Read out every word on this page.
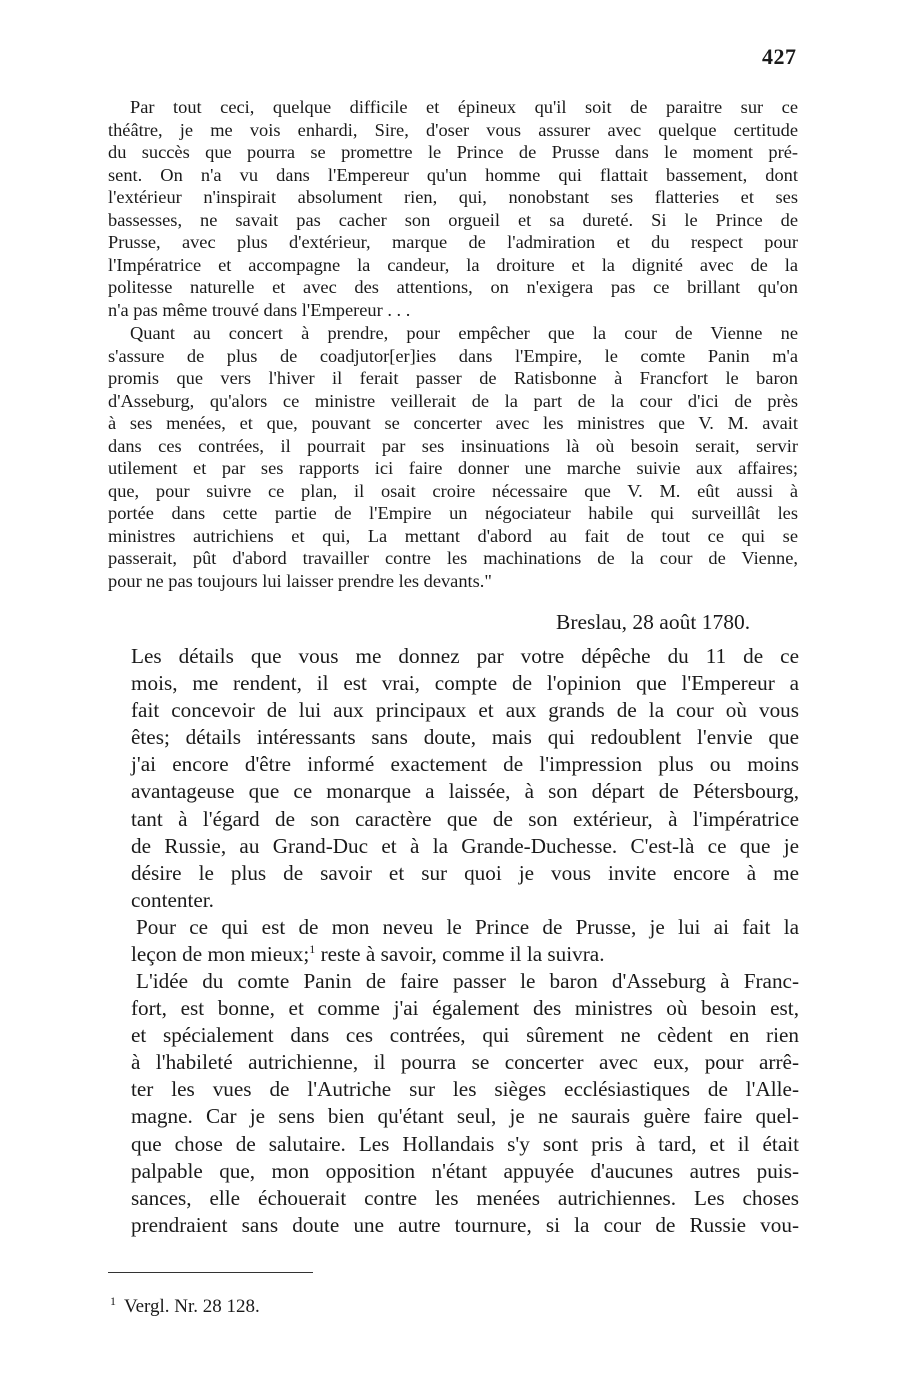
427
Par tout ceci, quelque difficile et épineux qu'il soit de paraitre sur ce
théâtre, je me vois enhardi, Sire, d'oser vous assurer avec quelque certitude
du succès que pourra se promettre le Prince de Prusse dans le moment pré-
sent. On n'a vu dans l'Empereur qu'un homme qui flattait bassement, dont
l'extérieur n'inspirait absolument rien, qui, nonobstant ses flatteries et ses
bassesses, ne savait pas cacher son orgueil et sa dureté. Si le Prince de
Prusse, avec plus d'extérieur, marque de l'admiration et du respect pour
l'Impératrice et accompagne la candeur, la droiture et la dignité avec de la
politesse naturelle et avec des attentions, on n'exigera pas ce brillant qu'on
n'a pas même trouvé dans l'Empereur . . .
Quant au concert à prendre, pour empêcher que la cour de Vienne ne
s'assure de plus de coadjutor[er]ies dans l'Empire, le comte Panin m'a
promis que vers l'hiver il ferait passer de Ratisbonne à Francfort le baron
d'Asseburg, qu'alors ce ministre veillerait de la part de la cour d'ici de près
à ses menées, et que, pouvant se concerter avec les ministres que V. M. avait
dans ces contrées, il pourrait par ses insinuations là où besoin serait, servir
utilement et par ses rapports ici faire donner une marche suivie aux affaires;
que, pour suivre ce plan, il osait croire nécessaire que V. M. eût aussi à
portée dans cette partie de l'Empire un négociateur habile qui surveillât les
ministres autrichiens et qui, La mettant d'abord au fait de tout ce qui se
passerait, pût d'abord travailler contre les machinations de la cour de Vienne,
pour ne pas toujours lui laisser prendre les devants."
Breslau, 28 août 1780.
Les détails que vous me donnez par votre dépêche du 11 de ce
mois, me rendent, il est vrai, compte de l'opinion que l'Empereur a
fait concevoir de lui aux principaux et aux grands de la cour où vous
êtes; détails intéressants sans doute, mais qui redoublent l'envie que
j'ai encore d'être informé exactement de l'impression plus ou moins
avantageuse que ce monarque a laissée, à son départ de Pétersbourg,
tant à l'égard de son caractère que de son extérieur, à l'impératrice
de Russie, au Grand-Duc et à la Grande-Duchesse. C'est-là ce que je
désire le plus de savoir et sur quoi je vous invite encore à me
contenter.
Pour ce qui est de mon neveu le Prince de Prusse, je lui ai fait la
leçon de mon mieux;$^1$ reste à savoir, comme il la suivra.
L'idée du comte Panin de faire passer le baron d'Asseburg à Franc-
fort, est bonne, et comme j'ai également des ministres où besoin est,
et spécialement dans ces contrées, qui sûrement ne cèdent en rien
à l'habileté autrichienne, il pourra se concerter avec eux, pour arrê-
ter les vues de l'Autriche sur les sièges ecclésiastiques de l'Alle-
magne. Car je sens bien qu'étant seul, je ne saurais guère faire quel-
que chose de salutaire. Les Hollandais s'y sont pris à tard, et il était
palpable que, mon opposition n'étant appuyée d'aucunes autres puis-
sances, elle échouerait contre les menées autrichiennes. Les choses
prendraient sans doute une autre tournure, si la cour de Russie vou-
$^1$ Vergl. Nr. 28 128.
